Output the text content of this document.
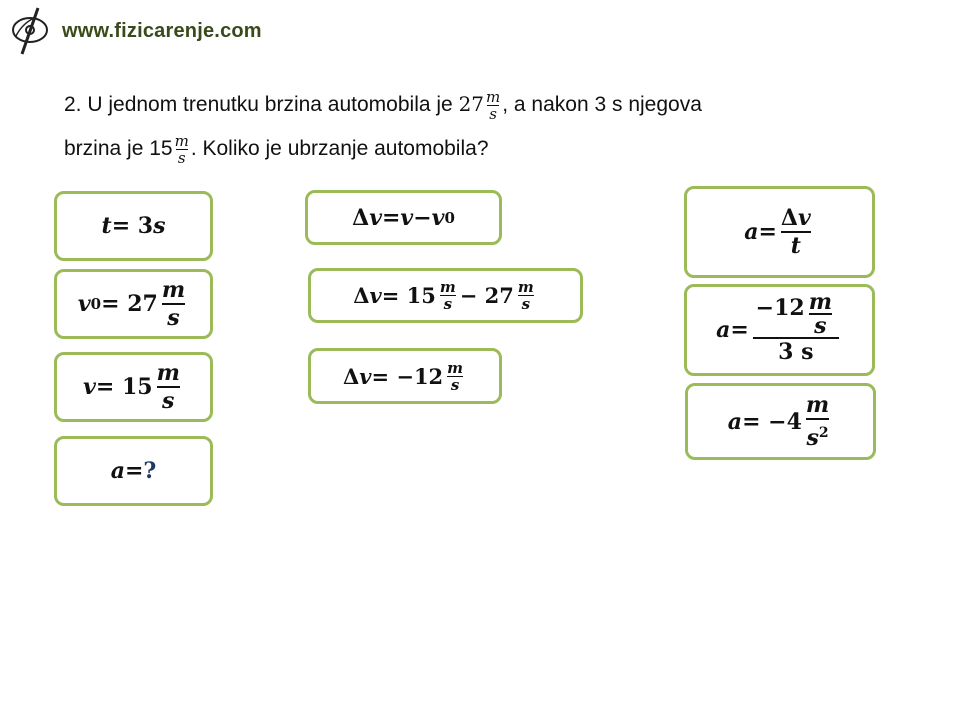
www.fizicarenje.com
2. U jednom trenutku brzina automobila je $27 \frac{m}{s}$ , a nakon 3 s njegova
brzina je $15 \frac{m}{s}$ . Koliko je ubrzanje automobila?
t = 3 s
v 0 = 27
m
s
v = 15
m
s
a = ?
Δ v = v − v 0
Δ v = 15 m
s − 27 m
s
Δ v = −12 m
s
a =
Δv
t
a =
−12 m
s
3 s
a = −4
m
$s^2$
